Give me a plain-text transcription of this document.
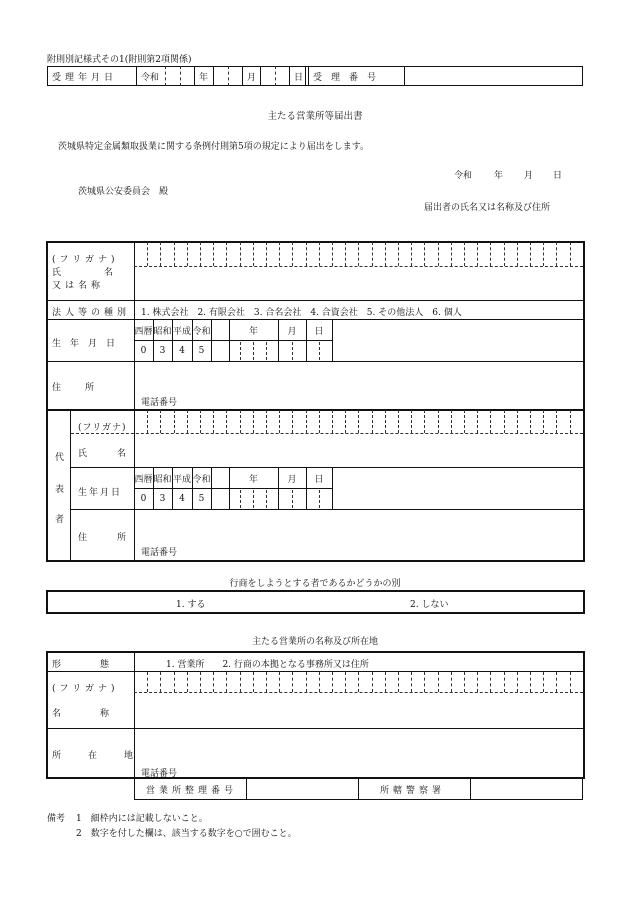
附則別記様式その1(附則第2項関係)
受理年月日	令和	年	月	日 受理番号
主たる営業所等届出書
茨城県特定金属類取扱業に関する条例付則第5項の規定により届出をします。
令和 年 月 日
茨城県公安委員会　殿
届出者の氏名又は名称及び住所
(フリガナ)
氏　　　名
又は名称
法人等の種別 1. 株式会社　2. 有限会社　3. 合名会社　4. 合資会社　5. その他法人　6. 個人
生年月日
西暦 昭和 平成 令和
0	3	4	5
年	月	日
住　　所
電話番号
代
表
者
(フリガナ)
氏　　名
生年月日
西暦 昭和 平成 令和
0	3	4	5
年	月	日
住　　所
電話番号
行商をしようとする者であるかどうかの別
1. する	2. しない
主たる営業所の名称及び所在地
形　　　態	1. 営業所　　2. 行商の本拠となる事務所又は住所
(フリガナ)
名　　　称
所　在　地
電話番号
営業所整理番号	所轄警察署
備考 1　細枠内には記載しないこと。
2　数字を付した欄は、該当する数字を○で囲むこと。
